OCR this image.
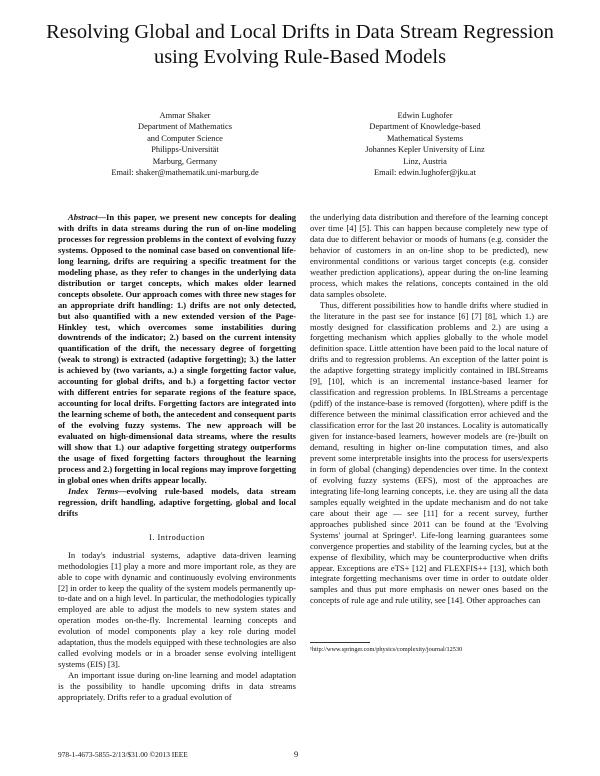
Resolving Global and Local Drifts in Data Stream Regression using Evolving Rule-Based Models
Ammar Shaker
Department of Mathematics
and Computer Science
Philipps-Universität
Marburg, Germany
Email: shaker@mathematik.uni-marburg.de
Edwin Lughofer
Department of Knowledge-based
Mathematical Systems
Johannes Kepler University of Linz
Linz, Austria
Email: edwin.lughofer@jku.at

Abstract—In this paper, we present new concepts for dealing with drifts in data streams during the run of on-line modeling processes for regression problems in the context of evolving fuzzy systems. Opposed to the nominal case based on conventional life-long learning, drifts are requiring a specific treatment for the modeling phase, as they refer to changes in the underlying data distribution or target concepts, which makes older learned concepts obsolete. Our approach comes with three new stages for an appropriate drift handling: 1.) drifts are not only detected, but also quantified with a new extended version of the Page-Hinkley test, which overcomes some instabilities during downtrends of the indicator; 2.) based on the current intensity quantification of the drift, the necessary degree of forgetting (weak to strong) is extracted (adaptive forgetting); 3.) the latter is achieved by (two variants, a.) a single forgetting factor value, accounting for global drifts, and b.) a forgetting factor vector with different entries for separate regions of the feature space, accounting for local drifts. Forgetting factors are integrated into the learning scheme of both, the antecedent and consequent parts of the evolving fuzzy systems. The new approach will be evaluated on high-dimensional data streams, where the results will show that 1.) our adaptive forgetting strategy outperforms the usage of fixed forgetting factors throughout the learning process and 2.) forgetting in local regions may improve forgetting in global ones when drifts appear locally.

Index Terms—evolving rule-based models, data stream regression, drift handling, adaptive forgetting, global and local drifts

I. Introduction

In today's industrial systems, adaptive data-driven learning methodologies [1] play a more and more important role, as they are able to cope with dynamic and continuously evolving environments [2] in order to keep the quality of the system models permanently up-to-date and on a high level. In particular, the methodologies typically employed are able to adjust the models to new system states and operation modes on-the-fly. Incremental learning concepts and evolution of model components play a key role during model adaptation, thus the models equipped with these technologies are also called evolving models or in a broader sense evolving intelligent systems (EIS) [3].

An important issue during on-line learning and model adaptation is the possibility to handle upcoming drifts in data streams appropriately. Drifts refer to a gradual evolution of

the underlying data distribution and therefore of the learning concept over time [4] [5]. This can happen because completely new type of data due to different behavior or moods of humans (e.g. consider the behavior of customers in an on-line shop to be predicted), new environmental conditions or various target concepts (e.g. consider weather prediction applications), appear during the on-line learning process, which makes the relations, concepts contained in the old data samples obsolete.

Thus, different possibilities how to handle drifts where studied in the literature in the past see for instance [6] [7] [8], which 1.) are mostly designed for classification problems and 2.) are using a forgetting mechanism which applies globally to the whole model definition space. Little attention have been paid to the local nature of drifts and to regression problems. An exception of the latter point is the adaptive forgetting strategy implicitly contained in IBLStreams [9], [10], which is an incremental instance-based learner for classification and regression problems. In IBLStreams a percentage (pdiff) of the instance-base is removed (forgotten), where pdiff is the difference between the minimal classification error achieved and the classification error for the last 20 instances. Locality is automatically given for instance-based learners, however models are (re-)built on demand, resulting in higher on-line computation times, and also prevent some interpretable insights into the process for users/experts in form of global (changing) dependencies over time. In the context of evolving fuzzy systems (EFS), most of the approaches are integrating life-long learning concepts, i.e. they are using all the data samples equally weighted in the update mechanism and do not take care about their age — see [11] for a recent survey, further approaches published since 2011 can be found at the 'Evolving Systems' journal at Springer¹. Life-long learning guarantees some convergence properties and stability of the learning cycles, but at the expense of flexibility, which may be counterproductive when drifts appear. Exceptions are eTS+ [12] and FLEXFIS++ [13], which both integrate forgetting mechanisms over time in order to outdate older samples and thus put more emphasis on newer ones based on the concepts of rule age and rule utility, see [14]. Other approaches can

¹http://www.springer.com/physics/complexity/journal/12530
978-1-4673-5855-2/13/$31.00 ©2013 IEEE	9
